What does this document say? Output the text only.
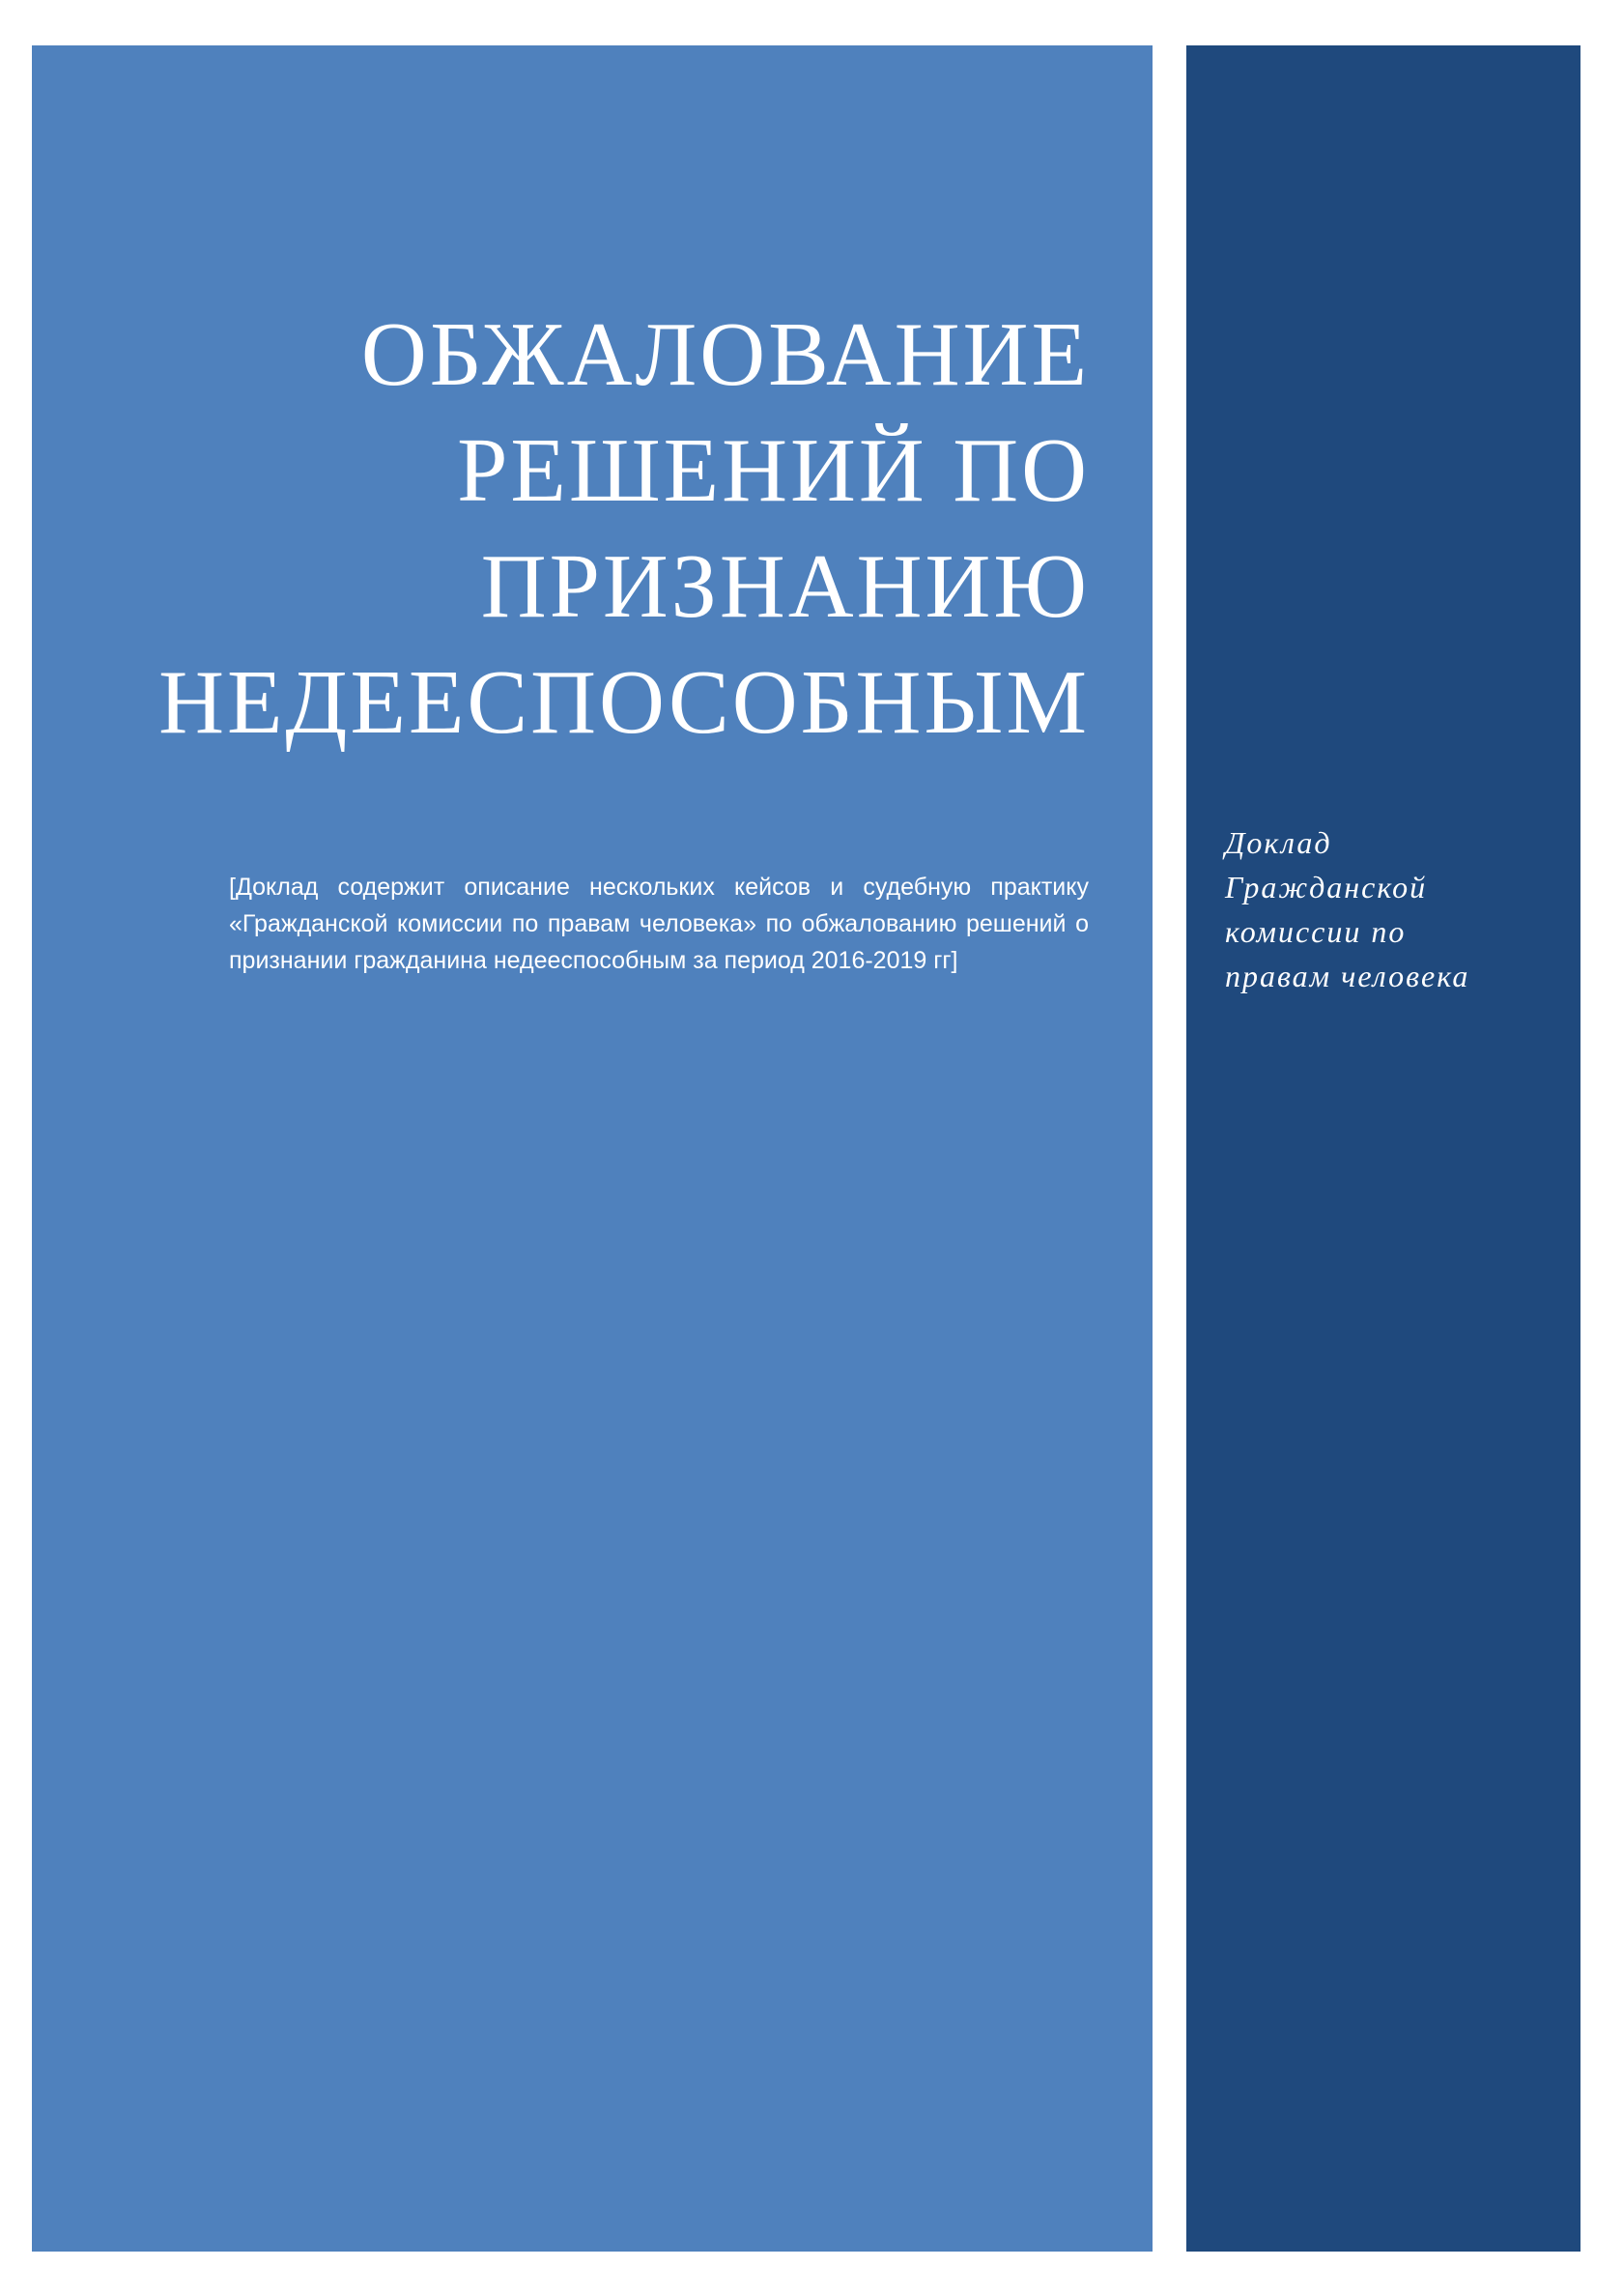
ОБЖАЛОВАНИЕ
РЕШЕНИЙ ПО
ПРИЗНАНИЮ
НЕДЕЕСПОСОБНЫМ

[Доклад содержит описание нескольких кейсов и судебную практику «Гражданской комиссии по правам человека» по обжалованию решений о признании гражданина недееспособным за период 2016-2019 гг]

Доклад
Гражданской
комиссии по
правам человека
